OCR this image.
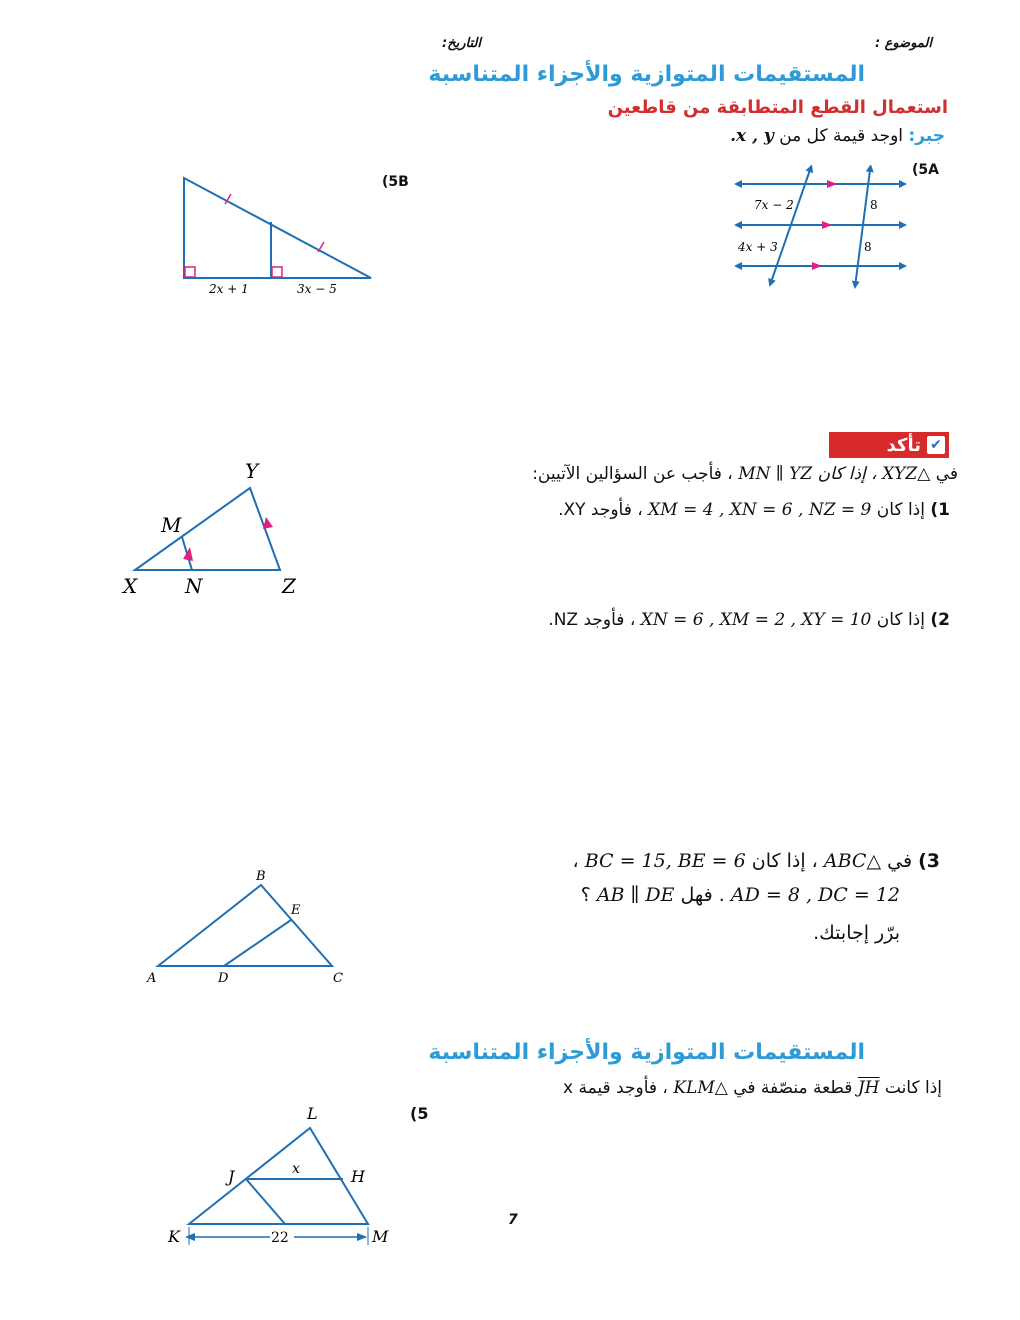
الموضوع :
التاريخ:
المستقيمات المتوازية والأجزاء المتناسبة
استعمال القطع المتطابقة من قاطعين
جبر: اوجد قيمة كل من x , y.
(5A
7x − 2
4x + 3
8
8
(5B
2x + 1	3x − 5
تأكد ✔
في △XYZ ، إذا كان MN ∥ YZ ، فأجب عن السؤالين الآتيين:
1) إذا كان XM = 4 , XN = 6 , NZ = 9 ، فأوجد XY.
X
Y
Z
M
N
2) إذا كان XN = 6 , XM = 2 , XY = 10 ، فأوجد NZ.
3) في △ABC ، إذا كان BC = 15, BE = 6 ،
AD = 8 , DC = 12 . فهل AB ∥ DE ؟
برّر إجابتك.
A
B
C
D
E
المستقيمات المتوازية والأجزاء المتناسبة
إذا كانت JH قطعة منصّفة في △KLM ، فأوجد قيمة x
(5
22
L
J	H
K	M
x
7
